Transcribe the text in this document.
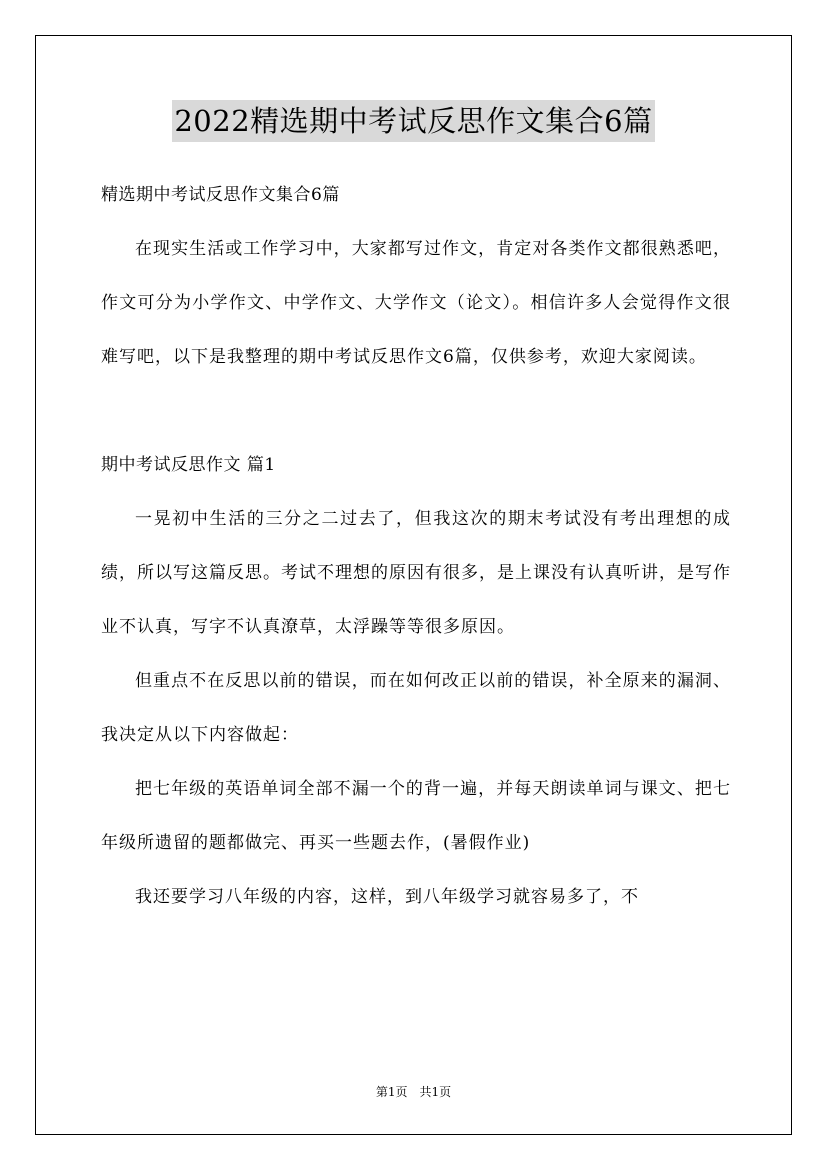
2022精选期中考试反思作文集合6篇

精选期中考试反思作文集合6篇

在现实生活或工作学习中，大家都写过作文，肯定对各类作文都很熟悉吧，作文可分为小学作文、中学作文、大学作文（论文）。相信许多人会觉得作文很难写吧，以下是我整理的期中考试反思作文6篇，仅供参考，欢迎大家阅读。

期中考试反思作文 篇1

一晃初中生活的三分之二过去了，但我这次的期末考试没有考出理想的成绩，所以写这篇反思。考试不理想的原因有很多，是上课没有认真听讲，是写作业不认真，写字不认真潦草，太浮躁等等很多原因。

但重点不在反思以前的错误，而在如何改正以前的错误，补全原来的漏洞、我决定从以下内容做起：

把七年级的英语单词全部不漏一个的背一遍，并每天朗读单词与课文、把七年级所遗留的题都做完、再买一些题去作，(暑假作业)

我还要学习八年级的内容，这样，到八年级学习就容易多了，不

第1页　共1页
